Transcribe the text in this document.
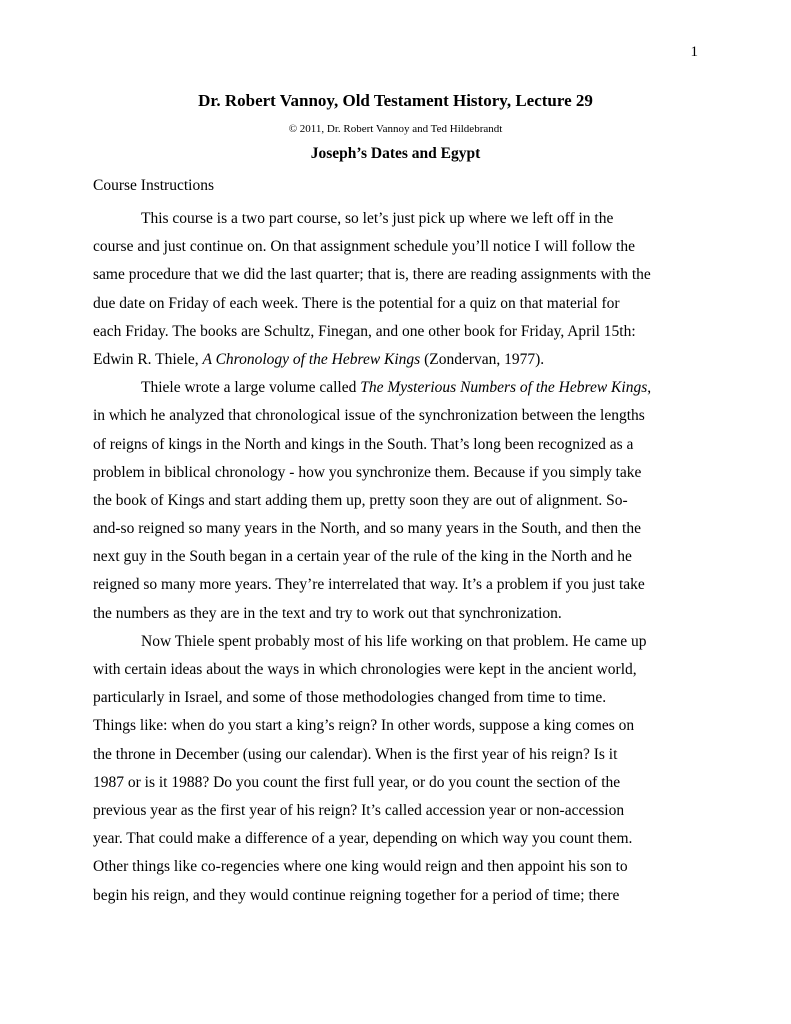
1
Dr. Robert Vannoy, Old Testament History, Lecture 29
© 2011, Dr. Robert Vannoy and Ted Hildebrandt
Joseph’s Dates and Egypt
Course Instructions

This course is a two part course, so let’s just pick up where we left off in the
course and just continue on. On that assignment schedule you’ll notice I will follow the
same procedure that we did the last quarter; that is, there are reading assignments with the
due date on Friday of each week. There is the potential for a quiz on that material for
each Friday. The books are Schultz, Finegan, and one other book for Friday, April 15th:
Edwin R. Thiele, A Chronology of the Hebrew Kings (Zondervan, 1977).

Thiele wrote a large volume called The Mysterious Numbers of the Hebrew Kings,
in which he analyzed that chronological issue of the synchronization between the lengths
of reigns of kings in the North and kings in the South. That’s long been recognized as a
problem in biblical chronology - how you synchronize them. Because if you simply take
the book of Kings and start adding them up, pretty soon they are out of alignment. So-
and-so reigned so many years in the North, and so many years in the South, and then the
next guy in the South began in a certain year of the rule of the king in the North and he
reigned so many more years. They’re interrelated that way. It’s a problem if you just take
the numbers as they are in the text and try to work out that synchronization.

Now Thiele spent probably most of his life working on that problem. He came up
with certain ideas about the ways in which chronologies were kept in the ancient world,
particularly in Israel, and some of those methodologies changed from time to time.
Things like: when do you start a king’s reign? In other words, suppose a king comes on
the throne in December (using our calendar). When is the first year of his reign? Is it
1987 or is it 1988? Do you count the first full year, or do you count the section of the
previous year as the first year of his reign? It’s called accession year or non-accession
year. That could make a difference of a year, depending on which way you count them.
Other things like co-regencies where one king would reign and then appoint his son to
begin his reign, and they would continue reigning together for a period of time; there
